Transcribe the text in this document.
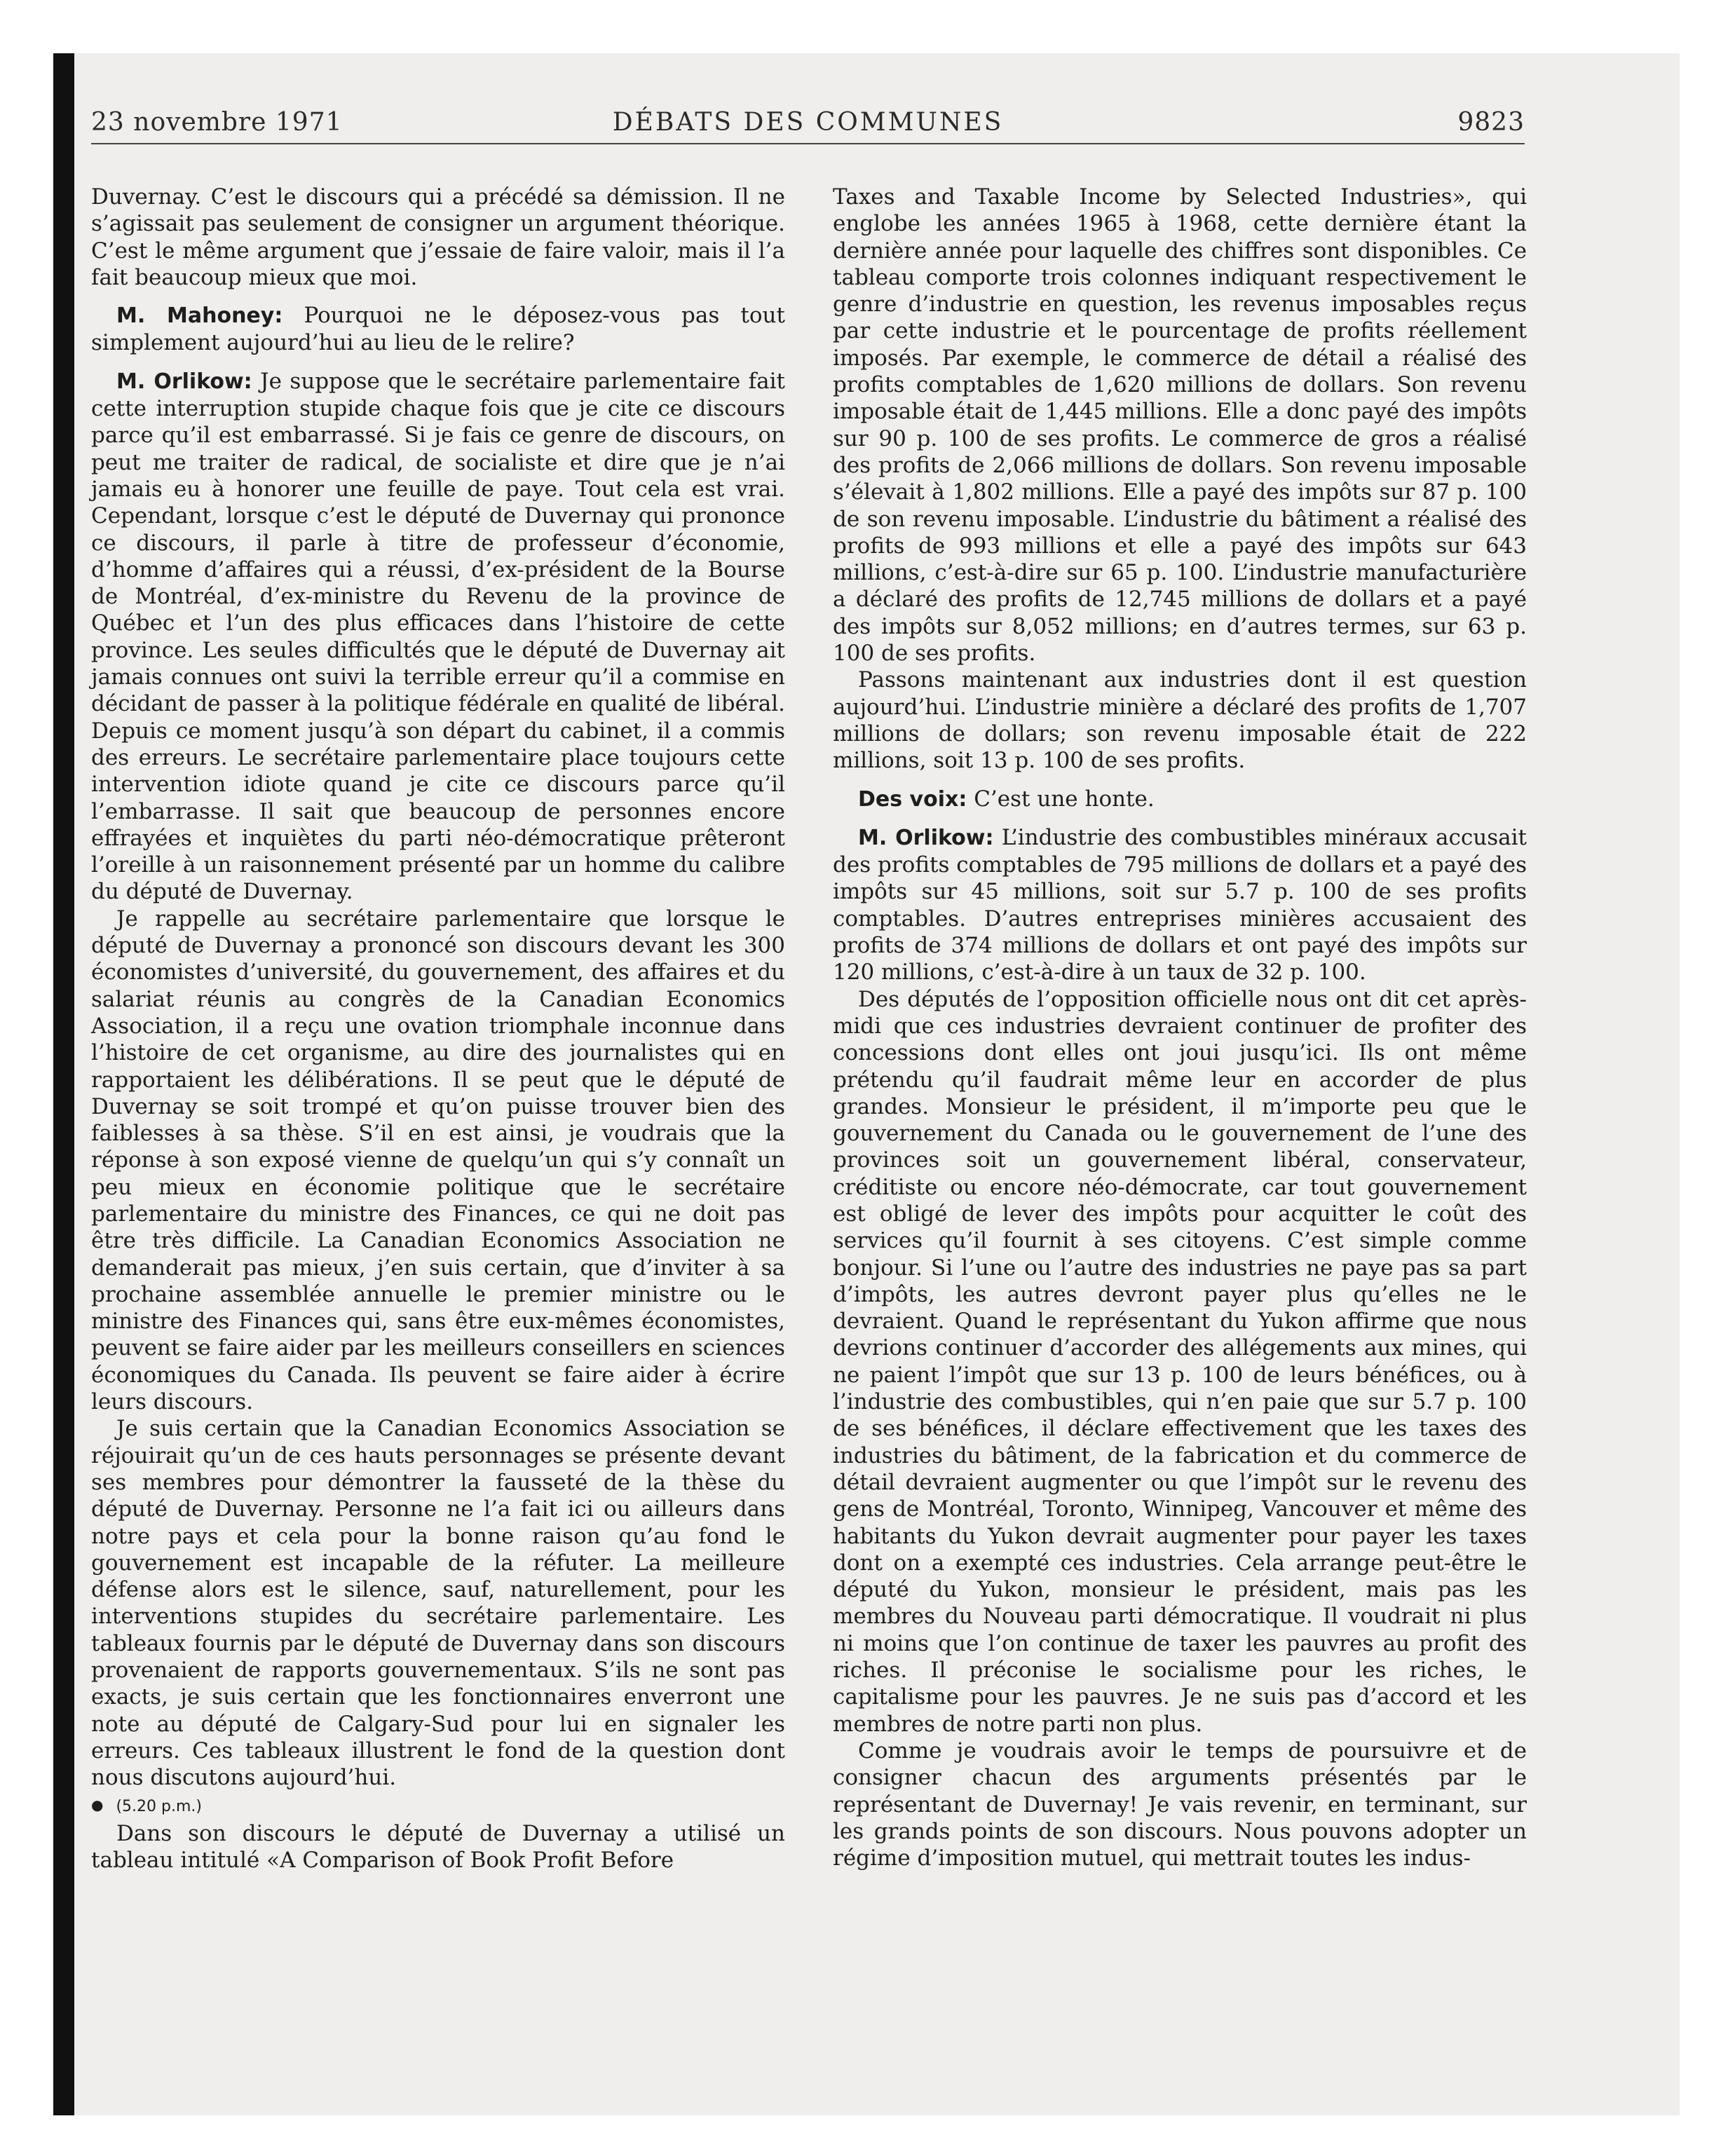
23 novembre 1971	DÉBATS DES COMMUNES	9823

Duvernay. C’est le discours qui a précédé sa démission. Il ne s’agissait pas seulement de consigner un argument théorique. C’est le même argument que j’essaie de faire valoir, mais il l’a fait beaucoup mieux que moi.

M. Mahoney: Pourquoi ne le déposez-vous pas tout simplement aujourd’hui au lieu de le relire?

M. Orlikow: Je suppose que le secrétaire parlementaire fait cette interruption stupide chaque fois que je cite ce discours parce qu’il est embarrassé. Si je fais ce genre de discours, on peut me traiter de radical, de socialiste et dire que je n’ai jamais eu à honorer une feuille de paye. Tout cela est vrai. Cependant, lorsque c’est le député de Duvernay qui prononce ce discours, il parle à titre de professeur d’économie, d’homme d’affaires qui a réussi, d’ex-président de la Bourse de Montréal, d’ex-ministre du Revenu de la province de Québec et l’un des plus efficaces dans l’histoire de cette province. Les seules difficultés que le député de Duvernay ait jamais connues ont suivi la terrible erreur qu’il a commise en décidant de passer à la politique fédérale en qualité de libéral. Depuis ce moment jusqu’à son départ du cabinet, il a commis des erreurs. Le secrétaire parlementaire place toujours cette intervention idiote quand je cite ce discours parce qu’il l’embarrasse. Il sait que beaucoup de personnes encore effrayées et inquiètes du parti néo-démocratique prêteront l’oreille à un raisonnement présenté par un homme du calibre du député de Duvernay.

Je rappelle au secrétaire parlementaire que lorsque le député de Duvernay a prononcé son discours devant les 300 économistes d’université, du gouvernement, des affaires et du salariat réunis au congrès de la Canadian Economics Association, il a reçu une ovation triomphale inconnue dans l’histoire de cet organisme, au dire des journalistes qui en rapportaient les délibérations. Il se peut que le député de Duvernay se soit trompé et qu’on puisse trouver bien des faiblesses à sa thèse. S’il en est ainsi, je voudrais que la réponse à son exposé vienne de quelqu’un qui s’y connaît un peu mieux en économie politique que le secrétaire parlementaire du ministre des Finances, ce qui ne doit pas être très difficile. La Canadian Economics Association ne demanderait pas mieux, j’en suis certain, que d’inviter à sa prochaine assemblée annuelle le premier ministre ou le ministre des Finances qui, sans être eux-mêmes économistes, peuvent se faire aider par les meilleurs conseillers en sciences économiques du Canada. Ils peuvent se faire aider à écrire leurs discours.

Je suis certain que la Canadian Economics Association se réjouirait qu’un de ces hauts personnages se présente devant ses membres pour démontrer la fausseté de la thèse du député de Duvernay. Personne ne l’a fait ici ou ailleurs dans notre pays et cela pour la bonne raison qu’au fond le gouvernement est incapable de la réfuter. La meilleure défense alors est le silence, sauf, naturellement, pour les interventions stupides du secrétaire parlementaire. Les tableaux fournis par le député de Duvernay dans son discours provenaient de rapports gouvernementaux. S’ils ne sont pas exacts, je suis certain que les fonctionnaires enverront une note au député de Calgary-Sud pour lui en signaler les erreurs. Ces tableaux illustrent le fond de la question dont nous discutons aujourd’hui.

● (5.20 p.m.)

Dans son discours le député de Duvernay a utilisé un tableau intitulé «A Comparison of Book Profit Before

Taxes and Taxable Income by Selected Industries», qui englobe les années 1965 à 1968, cette dernière étant la dernière année pour laquelle des chiffres sont disponibles. Ce tableau comporte trois colonnes indiquant respectivement le genre d’industrie en question, les revenus imposables reçus par cette industrie et le pourcentage de profits réellement imposés. Par exemple, le commerce de détail a réalisé des profits comptables de 1,620 millions de dollars. Son revenu imposable était de 1,445 millions. Elle a donc payé des impôts sur 90 p. 100 de ses profits. Le commerce de gros a réalisé des profits de 2,066 millions de dollars. Son revenu imposable s’élevait à 1,802 millions. Elle a payé des impôts sur 87 p. 100 de son revenu imposable. L’industrie du bâtiment a réalisé des profits de 993 millions et elle a payé des impôts sur 643 millions, c’est-à-dire sur 65 p. 100. L’industrie manufacturière a déclaré des profits de 12,745 millions de dollars et a payé des impôts sur 8,052 millions; en d’autres termes, sur 63 p. 100 de ses profits.

Passons maintenant aux industries dont il est question aujourd’hui. L’industrie minière a déclaré des profits de 1,707 millions de dollars; son revenu imposable était de 222 millions, soit 13 p. 100 de ses profits.

Des voix: C’est une honte.

M. Orlikow: L’industrie des combustibles minéraux accusait des profits comptables de 795 millions de dollars et a payé des impôts sur 45 millions, soit sur 5.7 p. 100 de ses profits comptables. D’autres entreprises minières accusaient des profits de 374 millions de dollars et ont payé des impôts sur 120 millions, c’est-à-dire à un taux de 32 p. 100.

Des députés de l’opposition officielle nous ont dit cet après-midi que ces industries devraient continuer de profiter des concessions dont elles ont joui jusqu’ici. Ils ont même prétendu qu’il faudrait même leur en accorder de plus grandes. Monsieur le président, il m’importe peu que le gouvernement du Canada ou le gouvernement de l’une des provinces soit un gouvernement libéral, conservateur, créditiste ou encore néo-démocrate, car tout gouvernement est obligé de lever des impôts pour acquitter le coût des services qu’il fournit à ses citoyens. C’est simple comme bonjour. Si l’une ou l’autre des industries ne paye pas sa part d’impôts, les autres devront payer plus qu’elles ne le devraient. Quand le représentant du Yukon affirme que nous devrions continuer d’accorder des allégements aux mines, qui ne paient l’impôt que sur 13 p. 100 de leurs bénéfices, ou à l’industrie des combustibles, qui n’en paie que sur 5.7 p. 100 de ses bénéfices, il déclare effectivement que les taxes des industries du bâtiment, de la fabrication et du commerce de détail devraient augmenter ou que l’impôt sur le revenu des gens de Montréal, Toronto, Winnipeg, Vancouver et même des habitants du Yukon devrait augmenter pour payer les taxes dont on a exempté ces industries. Cela arrange peut-être le député du Yukon, monsieur le président, mais pas les membres du Nouveau parti démocratique. Il voudrait ni plus ni moins que l’on continue de taxer les pauvres au profit des riches. Il préconise le socialisme pour les riches, le capitalisme pour les pauvres. Je ne suis pas d’accord et les membres de notre parti non plus.

Comme je voudrais avoir le temps de poursuivre et de consigner chacun des arguments présentés par le représentant de Duvernay! Je vais revenir, en terminant, sur les grands points de son discours. Nous pouvons adopter un régime d’imposition mutuel, qui mettrait toutes les indus-
